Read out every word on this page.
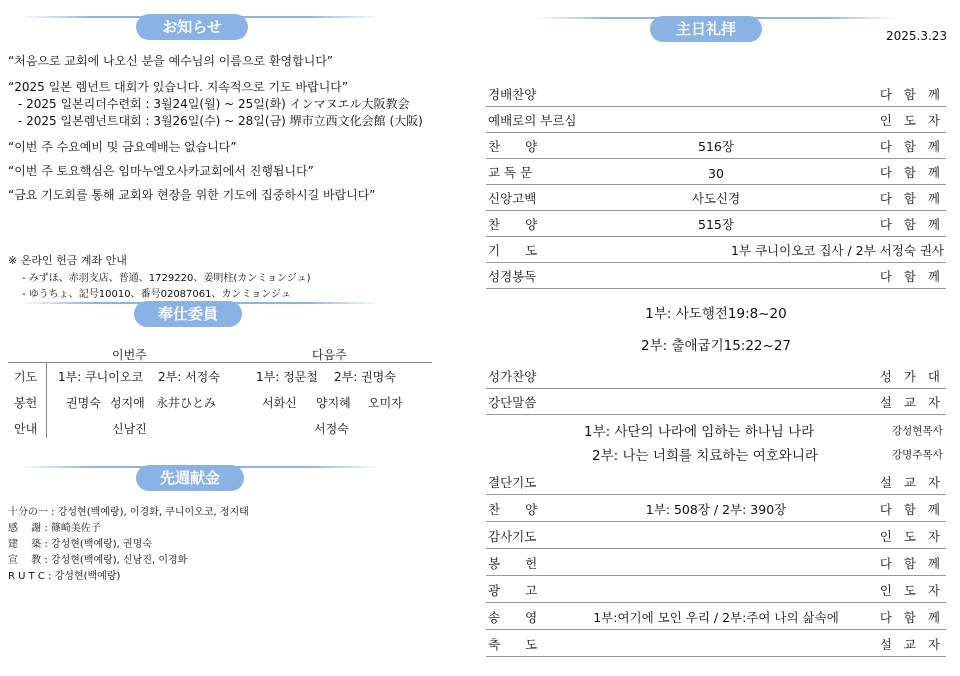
お知らせ
“처음으로 교회에 나오신 분을 예수님의 이름으로 환영합니다”
“2025 일본 렘넌트 대회가 있습니다. 지속적으로 기도 바랍니다”
- 2025 일본리더수련회 : 3월24일(월) ~ 25일(화) インマヌエル大阪教会
- 2025 일본렘넌트대회 : 3월26일(수) ~ 28일(금) 堺市立西文化会館 (大阪)
“이번 주 수요예비 및 금요예배는 없습니다”
“이번 주 토요핵심은 임마누엘오사카교회에서 진행됩니다”
“금요 기도회를 통해 교회와 현장을 위한 기도에 집중하시길 바랍니다”
※ 온라인 헌금 계좌 안내
- みずほ、赤羽支店、普通、1729220、姜明柱(カンミョンジュ)
- ゆうちょ、記号10010、番号02087061、カンミョンジュ
奉仕委員
이번주	다음주
기도 1부: 쿠니이오코 2부: 서정숙	1부: 정문철 2부: 권명숙
봉헌 권명숙 성지애 永井ひとみ	서화신 양지혜 오미자
안내	신남진	서정숙
先週献金
十分の一 : 강성현(백예랑), 이경화, 쿠니이오코, 정지태
感　 謝 : 篠崎美佐子
建　 築 : 강성현(백예랑), 권명숙
宣　 教 : 강성현(백예랑), 신남진, 이경화
R U T C : 강성현(백예랑)
主日礼拝	2025.3.23
경배찬양	다 함 께
예배로의 부르심	인 도 자
찬　　양	516장	다 함 께
교 독 문	30	다 함 께
신앙고백	사도신경	다 함 께
찬　　양	515장	다 함 께
기　　도	1부 쿠니이오코 집사 / 2부 서정숙 권사
성경봉독	다 함 께
1부: 사도행전19:8~20
2부: 출애굽기15:22~27
성가찬양	성 가 대
강단말씀	설 교 자
1부: 사단의 나라에 임하는 하나님 나라	강성현목사
2부: 나는 너희를 치료하는 여호와니라	강명주목사
결단기도	설 교 자
찬　　양	1부: 508장 / 2부: 390장	다 함 께
감사기도	인 도 자
봉　　헌	다 함 께
광　　고	인 도 자
송　　영	1부:여기에 모인 우리 / 2부:주여 나의 삶속에	다 함 께
축　　도	설 교 자
